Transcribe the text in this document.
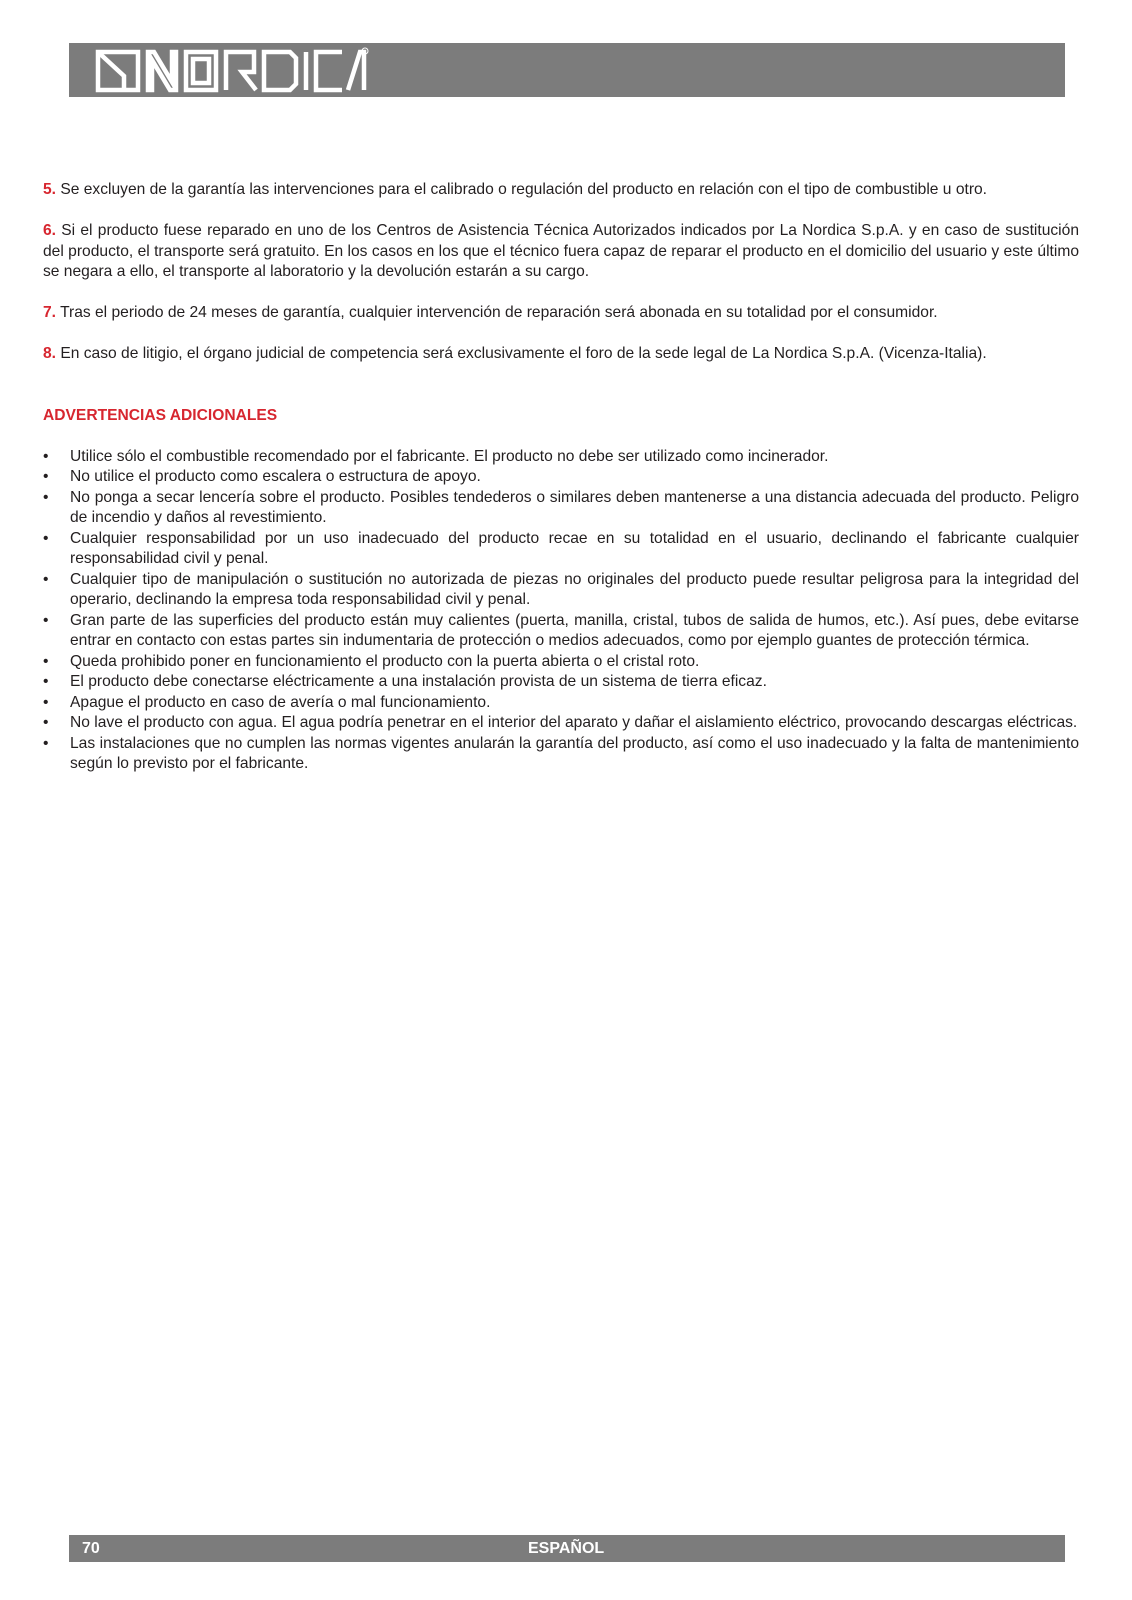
R

5. Se excluyen de la garantía las intervenciones para el calibrado o regulación del producto en relación con el tipo de combustible u otro.

6. Si el producto fuese reparado en uno de los Centros de Asistencia Técnica Autorizados indicados por La Nordica S.p.A. y en caso de sustitución del producto, el transporte será gratuito. En los casos en los que el técnico fuera capaz de reparar el producto en el domicilio del usuario y este último se negara a ello, el transporte al laboratorio y la devolución estarán a su cargo.

7. Tras el periodo de 24 meses de garantía, cualquier intervención de reparación será abonada en su totalidad por el consumidor.

8. En caso de litigio, el órgano judicial de competencia será exclusivamente el foro de la sede legal de La Nordica S.p.A. (Vicenza-Italia).

ADVERTENCIAS ADICIONALES
• Utilice sólo el combustible recomendado por el fabricante. El producto no debe ser utilizado como incinerador.
• No utilice el producto como escalera o estructura de apoyo.
• No ponga a secar lencería sobre el producto. Posibles tendederos o similares deben mantenerse a una distancia adecuada del producto. Peligro de incendio y daños al revestimiento.
• Cualquier responsabilidad por un uso inadecuado del producto recae en su totalidad en el usuario, declinando el fabricante cualquier responsabilidad civil y penal.
• Cualquier tipo de manipulación o sustitución no autorizada de piezas no originales del producto puede resultar peligrosa para la integridad del operario, declinando la empresa toda responsabilidad civil y penal.
• Gran parte de las superficies del producto están muy calientes (puerta, manilla, cristal, tubos de salida de humos, etc.). Así pues, debe evitarse entrar en contacto con estas partes sin indumentaria de protección o medios adecuados, como por ejemplo guantes de protección térmica.
• Queda prohibido poner en funcionamiento el producto con la puerta abierta o el cristal roto.
• El producto debe conectarse eléctricamente a una instalación provista de un sistema de tierra eficaz.
• Apague el producto en caso de avería o mal funcionamiento.
• No lave el producto con agua. El agua podría penetrar en el interior del aparato y dañar el aislamiento eléctrico, provocando descargas eléctricas.
• Las instalaciones que no cumplen las normas vigentes anularán la garantía del producto, así como el uso inadecuado y la falta de mantenimiento según lo previsto por el fabricante.
70	ESPAÑOL
